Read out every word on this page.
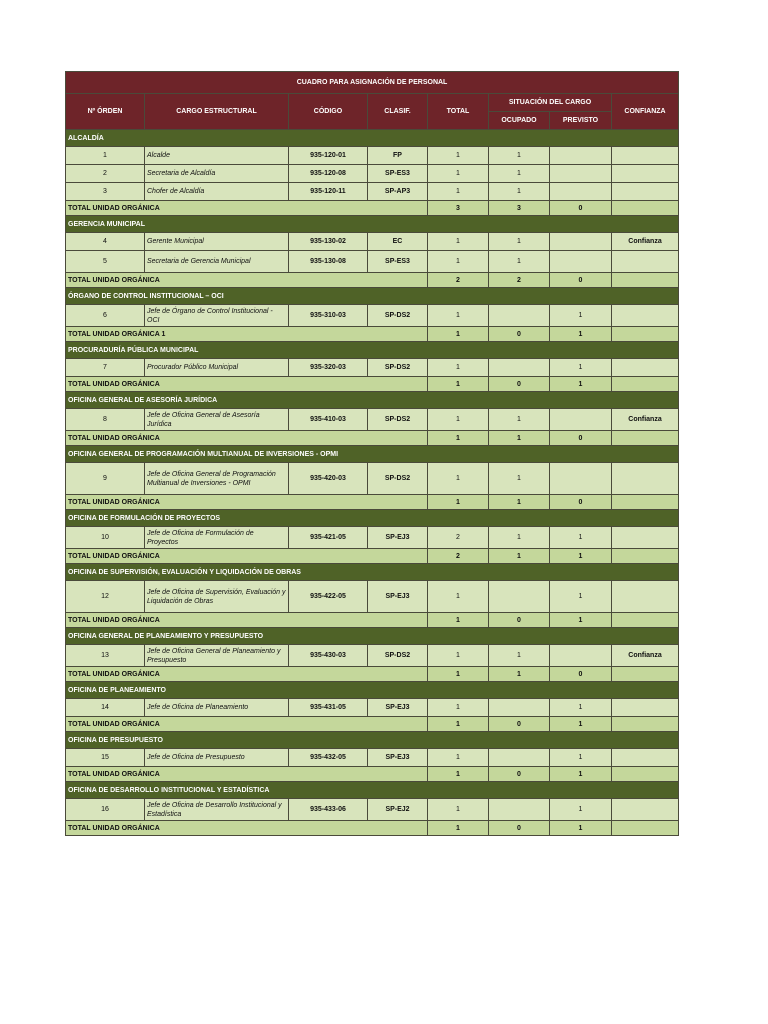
CUADRO PARA ASIGNACIÓN DE PERSONAL							
Nº ÓRDEN	CARGO ESTRUCTURAL	CÓDIGO	CLASIF.	TOTAL	SITUACIÓN DEL CARGO		CONFIANZA
					OCUPADO	PREVISTO	
ALCALDÍA							
1	Alcalde	935-120-01	FP	1	1		
2	Secretaria de Alcaldía	935-120-08	SP-ES3	1	1		
3	Chofer de Alcaldía	935-120-11	SP-AP3	1	1		
TOTAL UNIDAD ORGÁNICA				3	3	0	
GERENCIA MUNICIPAL							
4	Gerente Municipal	935-130-02	EC	1	1		Confianza
5	Secretaria de Gerencia Municipal	935-130-08	SP-ES3	1	1		
TOTAL UNIDAD ORGÁNICA				2	2	0	
ÓRGANO DE CONTROL INSTITUCIONAL – OCI							
6	Jefe de Órgano de Control Institucional - OCI	935-310-03	SP-DS2	1		1	
TOTAL UNIDAD ORGÁNICA 1				1	0	1	
PROCURADURÍA PÚBLICA MUNICIPAL							
7	Procurador Público Municipal	935-320-03	SP-DS2	1		1	
TOTAL UNIDAD ORGÁNICA				1	0	1	
OFICINA GENERAL DE ASESORÍA JURÍDICA							
8	Jefe de Oficina General de Asesoría Jurídica	935-410-03	SP-DS2	1	1		Confianza
TOTAL UNIDAD ORGÁNICA				1	1	0	
OFICINA GENERAL DE PROGRAMACIÓN MULTIANUAL DE INVERSIONES - OPMI							
9	Jefe de Oficina General de Programación Multianual de Inversiones - OPMI	935-420-03	SP-DS2	1	1		
TOTAL UNIDAD ORGÁNICA				1	1	0	
OFICINA DE FORMULACIÓN DE PROYECTOS							
10	Jefe de Oficina de Formulación de Proyectos	935-421-05	SP-EJ3	2	1	1	
TOTAL UNIDAD ORGÁNICA				2	1	1	
OFICINA DE SUPERVISIÓN, EVALUACIÓN Y LIQUIDACIÓN DE OBRAS							
12	Jefe de Oficina de Supervisión, Evaluación y Liquidación de Obras	935-422-05	SP-EJ3	1		1	
TOTAL UNIDAD ORGÁNICA				1	0	1	
OFICINA GENERAL DE PLANEAMIENTO Y PRESUPUESTO							
13	Jefe de Oficina General de Planeamiento y Presupuesto	935-430-03	SP-DS2	1	1		Confianza
TOTAL UNIDAD ORGÁNICA				1	1	0	
OFICINA DE PLANEAMIENTO							
14	Jefe de Oficina de Planeamiento	935-431-05	SP-EJ3	1		1	
TOTAL UNIDAD ORGÁNICA				1	0	1	
OFICINA DE PRESUPUESTO							
15	Jefe de Oficina de Presupuesto	935-432-05	SP-EJ3	1		1	
TOTAL UNIDAD ORGÁNICA				1	0	1	
OFICINA DE DESARROLLO INSTITUCIONAL Y ESTADÍSTICA							
16	Jefe de Oficina de Desarrollo Institucional y Estadística	935-433-06	SP-EJ2	1		1	
TOTAL UNIDAD ORGÁNICA				1	0	1	
